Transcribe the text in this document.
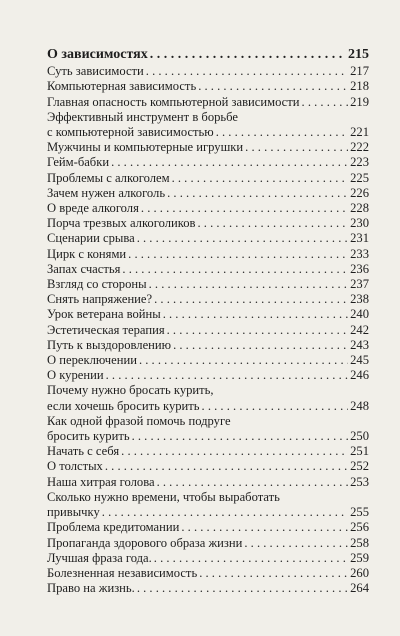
О зависимостях . . .	215
Суть зависимости . . .	217
Компьютерная зависимость . . .	218
Главная опасность компьютерной зависимости . . .	219
Эффективный инструмент в борьбе
с компьютерной зависимостью . . .	221
Мужчины и компьютерные игрушки . . .	222
Гейм-бабки . . .	223
Проблемы с алкоголем . . .	225
Зачем нужен алкоголь . . .	226
О вреде алкоголя . . .	228
Порча трезвых алкоголиков . . .	230
Сценарии срыва . . .	231
Цирк с конями . . .	233
Запах счастья . . .	236
Взгляд со стороны . . .	237
Снять напряжение? . . .	238
Урок ветерана войны . . .	240
Эстетическая терапия . . .	242
Путь к выздоровлению . . .	243
О переключении . . .	245
О курении . . .	246
Почему нужно бросать курить,
если хочешь бросить курить . . .	248
Как одной фразой помочь подруге
бросить курить . . .	250
Начать с себя . . .	251
О толстых . . .	252
Наша хитрая голова . . .	253
Сколько нужно времени, чтобы выработать
привычку . . .	255
Проблема кредитомании . . .	256
Пропаганда здорового образа жизни . . .	258
Лучшая фраза года. . . .	259
Болезненная независимость . . .	260
Право на жизнь. . . .	264
